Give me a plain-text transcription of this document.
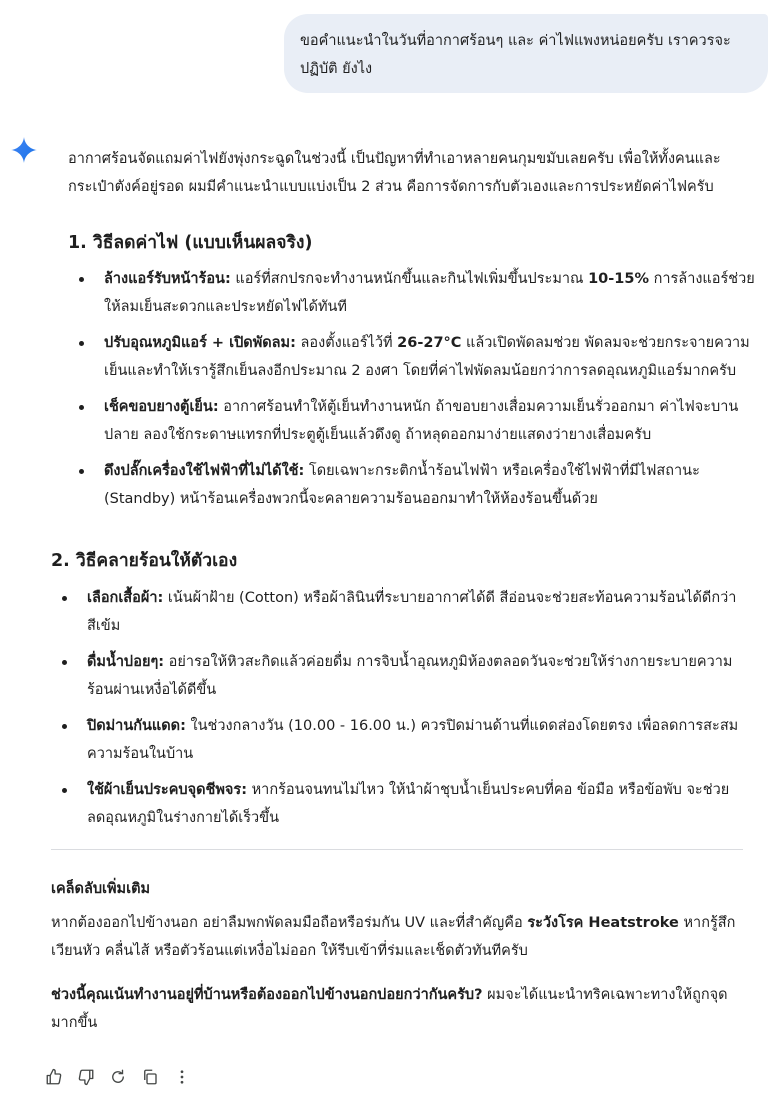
ขอคำแนะนำในวันที่อากาศร้อนๆ และ ค่าไฟแพงหน่อยครับ เราควรจะปฏิบัติ ยังไง

อากาศร้อนจัดแถมค่าไฟยังพุ่งกระฉูดในช่วงนี้ เป็นปัญหาที่ทำเอาหลายคนกุมขมับเลยครับ เพื่อให้ทั้งคนและกระเป๋าตังค์อยู่รอด ผมมีคำแนะนำแบบแบ่งเป็น 2 ส่วน คือการจัดการกับตัวเองและการประหยัดค่าไฟครับ

1. วิธีลดค่าไฟ (แบบเห็นผลจริง)
ล้างแอร์รับหน้าร้อน: แอร์ที่สกปรกจะทำงานหนักขึ้นและกินไฟเพิ่มขึ้นประมาณ 10-15% การล้างแอร์ช่วยให้ลมเย็นสะดวกและประหยัดไฟได้ทันที
ปรับอุณหภูมิแอร์ + เปิดพัดลม: ลองตั้งแอร์ไว้ที่ 26-27°C แล้วเปิดพัดลมช่วย พัดลมจะช่วยกระจายความเย็นและทำให้เรารู้สึกเย็นลงอีกประมาณ 2 องศา โดยที่ค่าไฟพัดลมน้อยกว่าการลดอุณหภูมิแอร์มากครับ
เช็คขอบยางตู้เย็น: อากาศร้อนทำให้ตู้เย็นทำงานหนัก ถ้าขอบยางเสื่อมความเย็นรั่วออกมา ค่าไฟจะบานปลาย ลองใช้กระดาษแทรกที่ประตูตู้เย็นแล้วดึงดู ถ้าหลุดออกมาง่ายแสดงว่ายางเสื่อมครับ
ดึงปลั๊กเครื่องใช้ไฟฟ้าที่ไม่ได้ใช้: โดยเฉพาะกระติกน้ำร้อนไฟฟ้า หรือเครื่องใช้ไฟฟ้าที่มีไฟสถานะ (Standby) หน้าร้อนเครื่องพวกนี้จะคลายความร้อนออกมาทำให้ห้องร้อนขึ้นด้วย
2. วิธีคลายร้อนให้ตัวเอง
เลือกเสื้อผ้า: เน้นผ้าฝ้าย (Cotton) หรือผ้าลินินที่ระบายอากาศได้ดี สีอ่อนจะช่วยสะท้อนความร้อนได้ดีกว่าสีเข้ม
ดื่มน้ำบ่อยๆ: อย่ารอให้หิวสะกิดแล้วค่อยดื่ม การจิบน้ำอุณหภูมิห้องตลอดวันจะช่วยให้ร่างกายระบายความร้อนผ่านเหงื่อได้ดีขึ้น
ปิดม่านกันแดด: ในช่วงกลางวัน (10.00 - 16.00 น.) ควรปิดม่านด้านที่แดดส่องโดยตรง เพื่อลดการสะสมความร้อนในบ้าน
ใช้ผ้าเย็นประคบจุดชีพจร: หากร้อนจนทนไม่ไหว ให้นำผ้าชุบน้ำเย็นประคบที่คอ ข้อมือ หรือข้อพับ จะช่วยลดอุณหภูมิในร่างกายได้เร็วขึ้น

เคล็ดลับเพิ่มเติม

หากต้องออกไปข้างนอก อย่าลืมพกพัดลมมือถือหรือร่มกัน UV และที่สำคัญคือ ระวังโรค Heatstroke หากรู้สึกเวียนหัว คลื่นไส้ หรือตัวร้อนแต่เหงื่อไม่ออก ให้รีบเข้าที่ร่มและเช็ดตัวทันทีครับ

ช่วงนี้คุณเน้นทำงานอยู่ที่บ้านหรือต้องออกไปข้างนอกบ่อยกว่ากันครับ? ผมจะได้แนะนำทริคเฉพาะทางให้ถูกจุดมากขึ้น
